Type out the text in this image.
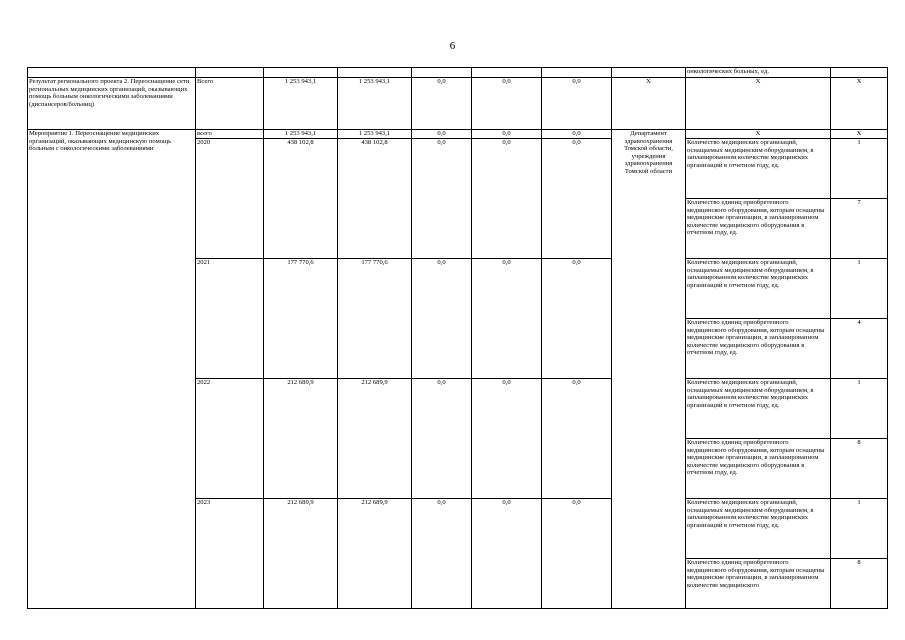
6
								онкологических больных, ед.	
Результат регионального проекта 2. Переоснащение сети региональных медицинских организаций, оказывающих помощь больным онкологическими заболеваниями (диспансеров/больниц)	Всего	1 253 943,1	1 253 943,1	0,0	0,0	0,0	Х	Х	Х
Мероприятие 1. Переоснащение медицинских организаций, оказывающих медицинскую помощь больным с онкологическими заболеваниями	всего	1 253 943,1	1 253 943,1	0,0	0,0	0,0	Департамент здравоохранения Томской области, учреждения здравоохранения Томской области	Х	Х
	2020	438 102,8	438 102,8	0,0	0,0	0,0		Количество медицинских организаций, оснащаемых медицинским оборудованием, в запланированном количестве медицинских организаций в отчетном году, ед.	1
								Количество единиц приобретенного медицинского оборудования, которым оснащены медицинские организации, в запланированном количестве медицинского оборудования в отчетном году, ед.	7
	2021	177 770,6	177 770,6	0,0	0,0	0,0		Количество медицинских организаций, оснащаемых медицинским оборудованием, в запланированном количестве медицинских организаций в отчетном году, ед.	1
								Количество единиц приобретенного медицинского оборудования, которым оснащены медицинские организации, в запланированном количестве медицинского оборудования в отчетном году, ед.	4
	2022	212 689,9	212 689,9	0,0	0,0	0,0		Количество медицинских организаций, оснащаемых медицинским оборудованием, в запланированном количестве медицинских организаций в отчетном году, ед.	1
								Количество единиц приобретенного медицинского оборудования, которым оснащены медицинские организации, в запланированном количестве медицинского оборудования в отчетном году, ед.	8
	2023	212 689,9	212 689,9	0,0	0,0	0,0		Количество медицинских организаций, оснащаемых медицинским оборудованием, в запланированном количестве медицинских организаций в отчетном году, ед.	1
								Количество единиц приобретенного медицинского оборудования, которым оснащены медицинские организации, в запланированном количестве медицинского	8
